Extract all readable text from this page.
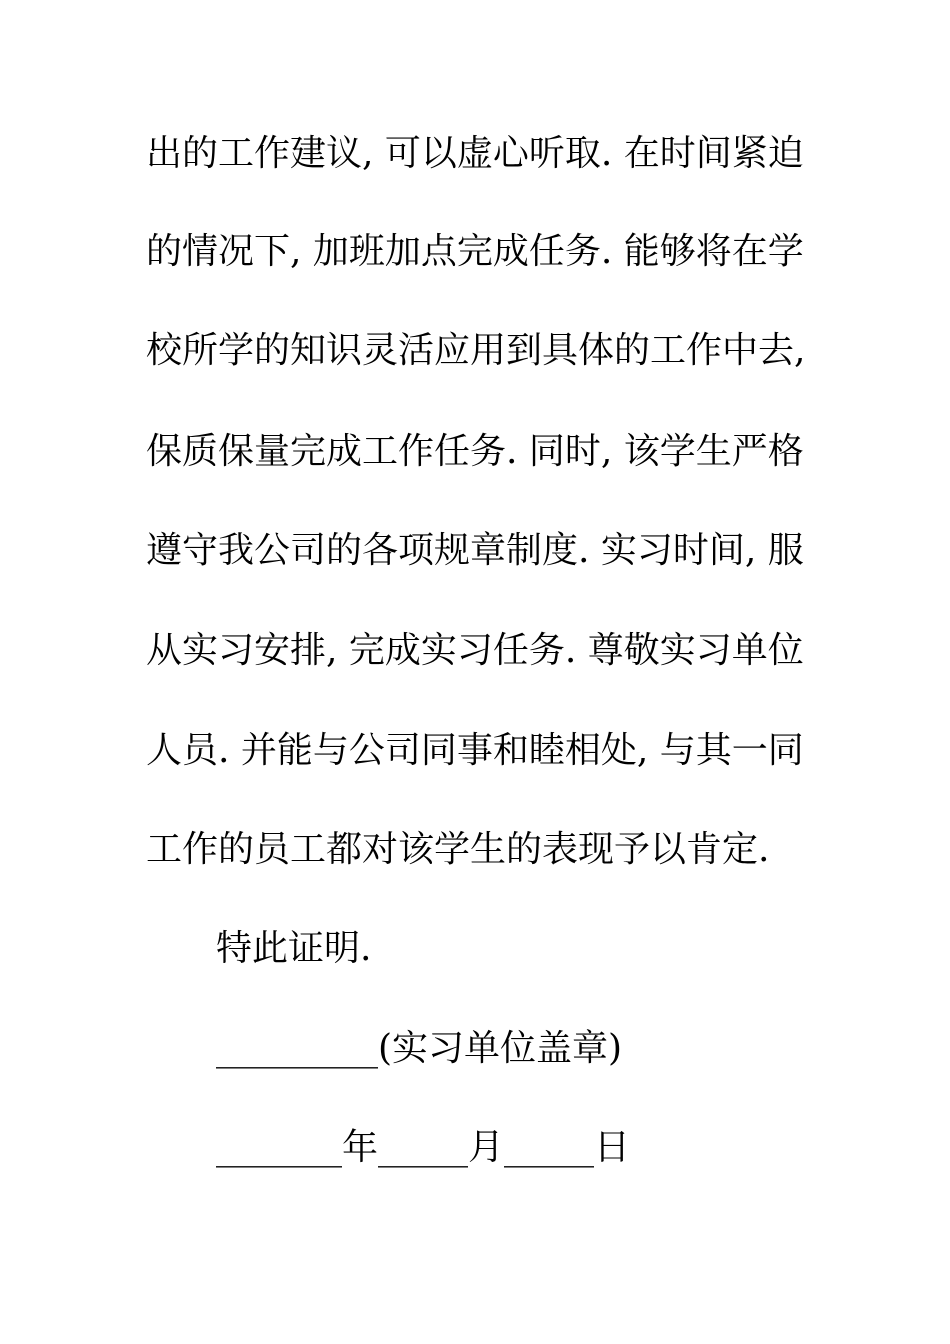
出的工作建议, 可以虚心听取. 在时间紧迫
的情况下, 加班加点完成任务. 能够将在学
校所学的知识灵活应用到具体的工作中去,
保质保量完成工作任务. 同时, 该学生严格
遵守我公司的各项规章制度. 实习时间, 服
从实习安排, 完成实习任务. 尊敬实习单位
人员. 并能与公司同事和睦相处, 与其一同
工作的员工都对该学生的表现予以肯定.
特此证明.
_________(实习单位盖章)
_______年_____月_____日
